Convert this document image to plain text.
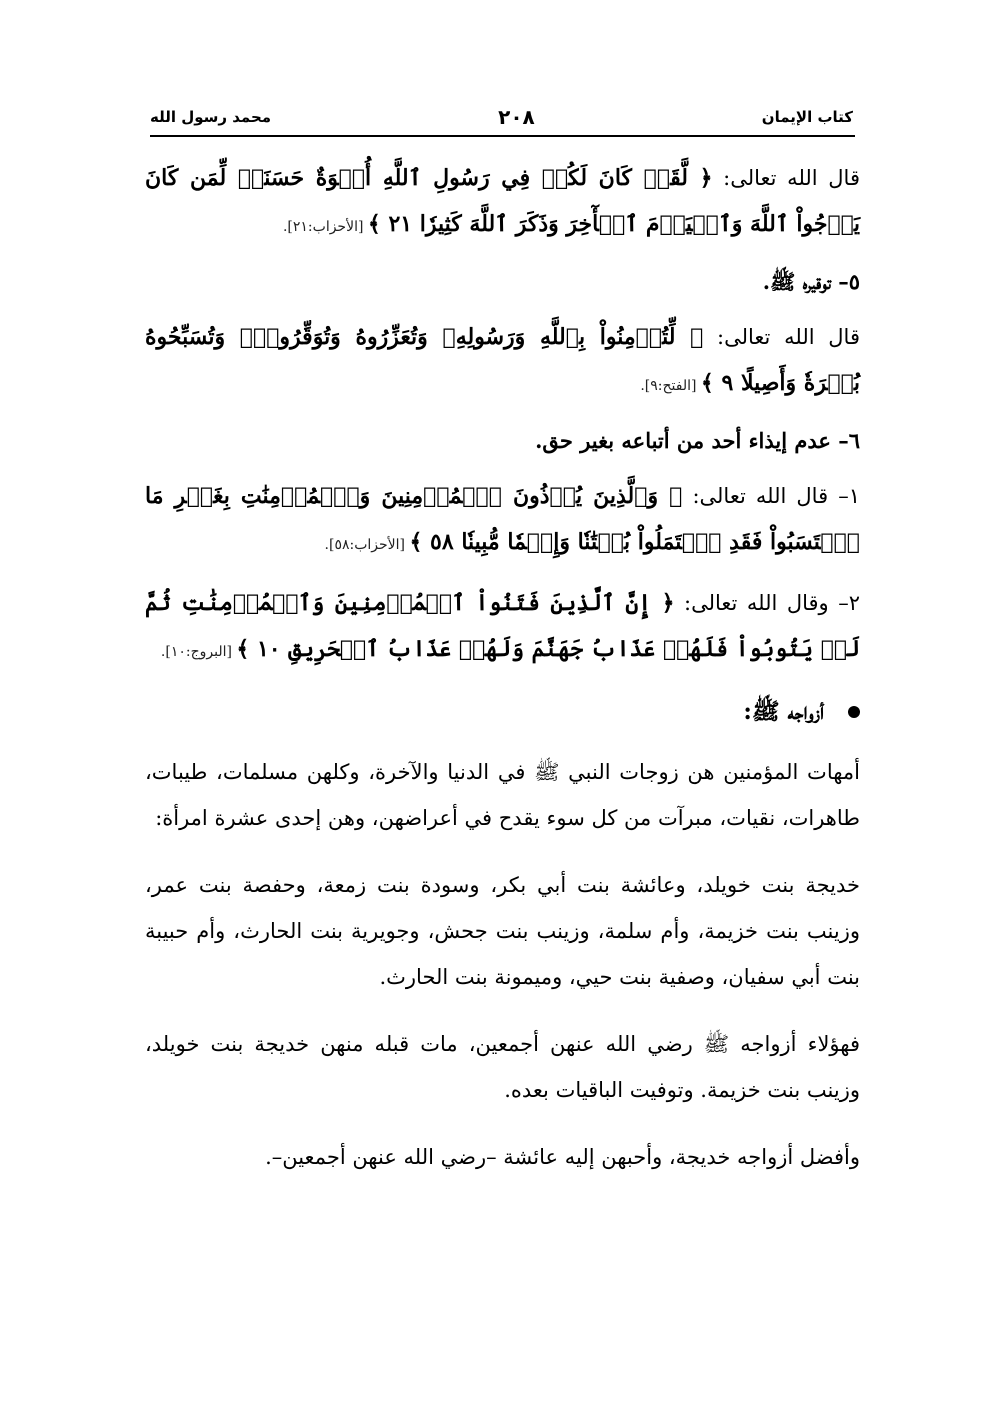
كتاب الإيمان
٢٠٨
محمد رسول الله

قال الله تعالى: ﴿ لَّقَدۡ كَانَ لَكُمۡ فِي رَسُولِ ٱللَّهِ أُسۡوَةٌ حَسَنَةٞ لِّمَن كَانَ يَرۡجُواْ ٱللَّهَ وَٱلۡيَوۡمَ ٱلۡأٓخِرَ وَذَكَرَ ٱللَّهَ كَثِيرٗا ٢١ ﴾ [الأحزاب:٢١].

٥– توقيره ﷺ.

قال الله تعالى: ﴿ لِّتُؤۡمِنُواْ بِٱللَّهِ وَرَسُولِهِۦ وَتُعَزِّرُوهُ وَتُوَقِّرُوهُۚ وَتُسَبِّحُوهُ بُكۡرَةٗ وَأَصِيلًا ٩ ﴾ [الفتح:٩].

٦– عدم إيذاء أحد من أتباعه بغير حق.

١– قال الله تعالى: ﴿ وَٱلَّذِينَ يُؤۡذُونَ ٱلۡمُؤۡمِنِينَ وَٱلۡمُؤۡمِنَٰتِ بِغَيۡرِ مَا ٱكۡتَسَبُواْ فَقَدِ ٱحۡتَمَلُواْ بُهۡتَٰنٗا وَإِثۡمٗا مُّبِينٗا ٥٨ ﴾ [الأحزاب:٥٨].

٢– وقال الله تعالى: ﴿ إِنَّ ٱلَّذِينَ فَتَنُواْ ٱلۡمُؤۡمِنِينَ وَٱلۡمُؤۡمِنَٰتِ ثُمَّ لَمۡ يَتُوبُواْ فَلَهُمۡ عَذَابُ جَهَنَّمَ وَلَهُمۡ عَذَابُ ٱلۡحَرِيقِ ١٠ ﴾ [البروج:١٠].

أزواجه ﷺ:

أمهات المؤمنين هن زوجات النبي ﷺ في الدنيا والآخرة، وكلهن مسلمات، طيبات، طاهرات، نقيات، مبرآت من كل سوء يقدح في أعراضهن، وهن إحدى عشرة امرأة:

خديجة بنت خويلد، وعائشة بنت أبي بكر، وسودة بنت زمعة، وحفصة بنت عمر، وزينب بنت خزيمة، وأم سلمة، وزينب بنت جحش، وجويرية بنت الحارث، وأم حبيبة بنت أبي سفيان، وصفية بنت حيي، وميمونة بنت الحارث.

فهؤلاء أزواجه ﷺ رضي الله عنهن أجمعين، مات قبله منهن خديجة بنت خويلد، وزينب بنت خزيمة. وتوفيت الباقيات بعده.

وأفضل أزواجه خديجة، وأحبهن إليه عائشة –رضي الله عنهن أجمعين–.
